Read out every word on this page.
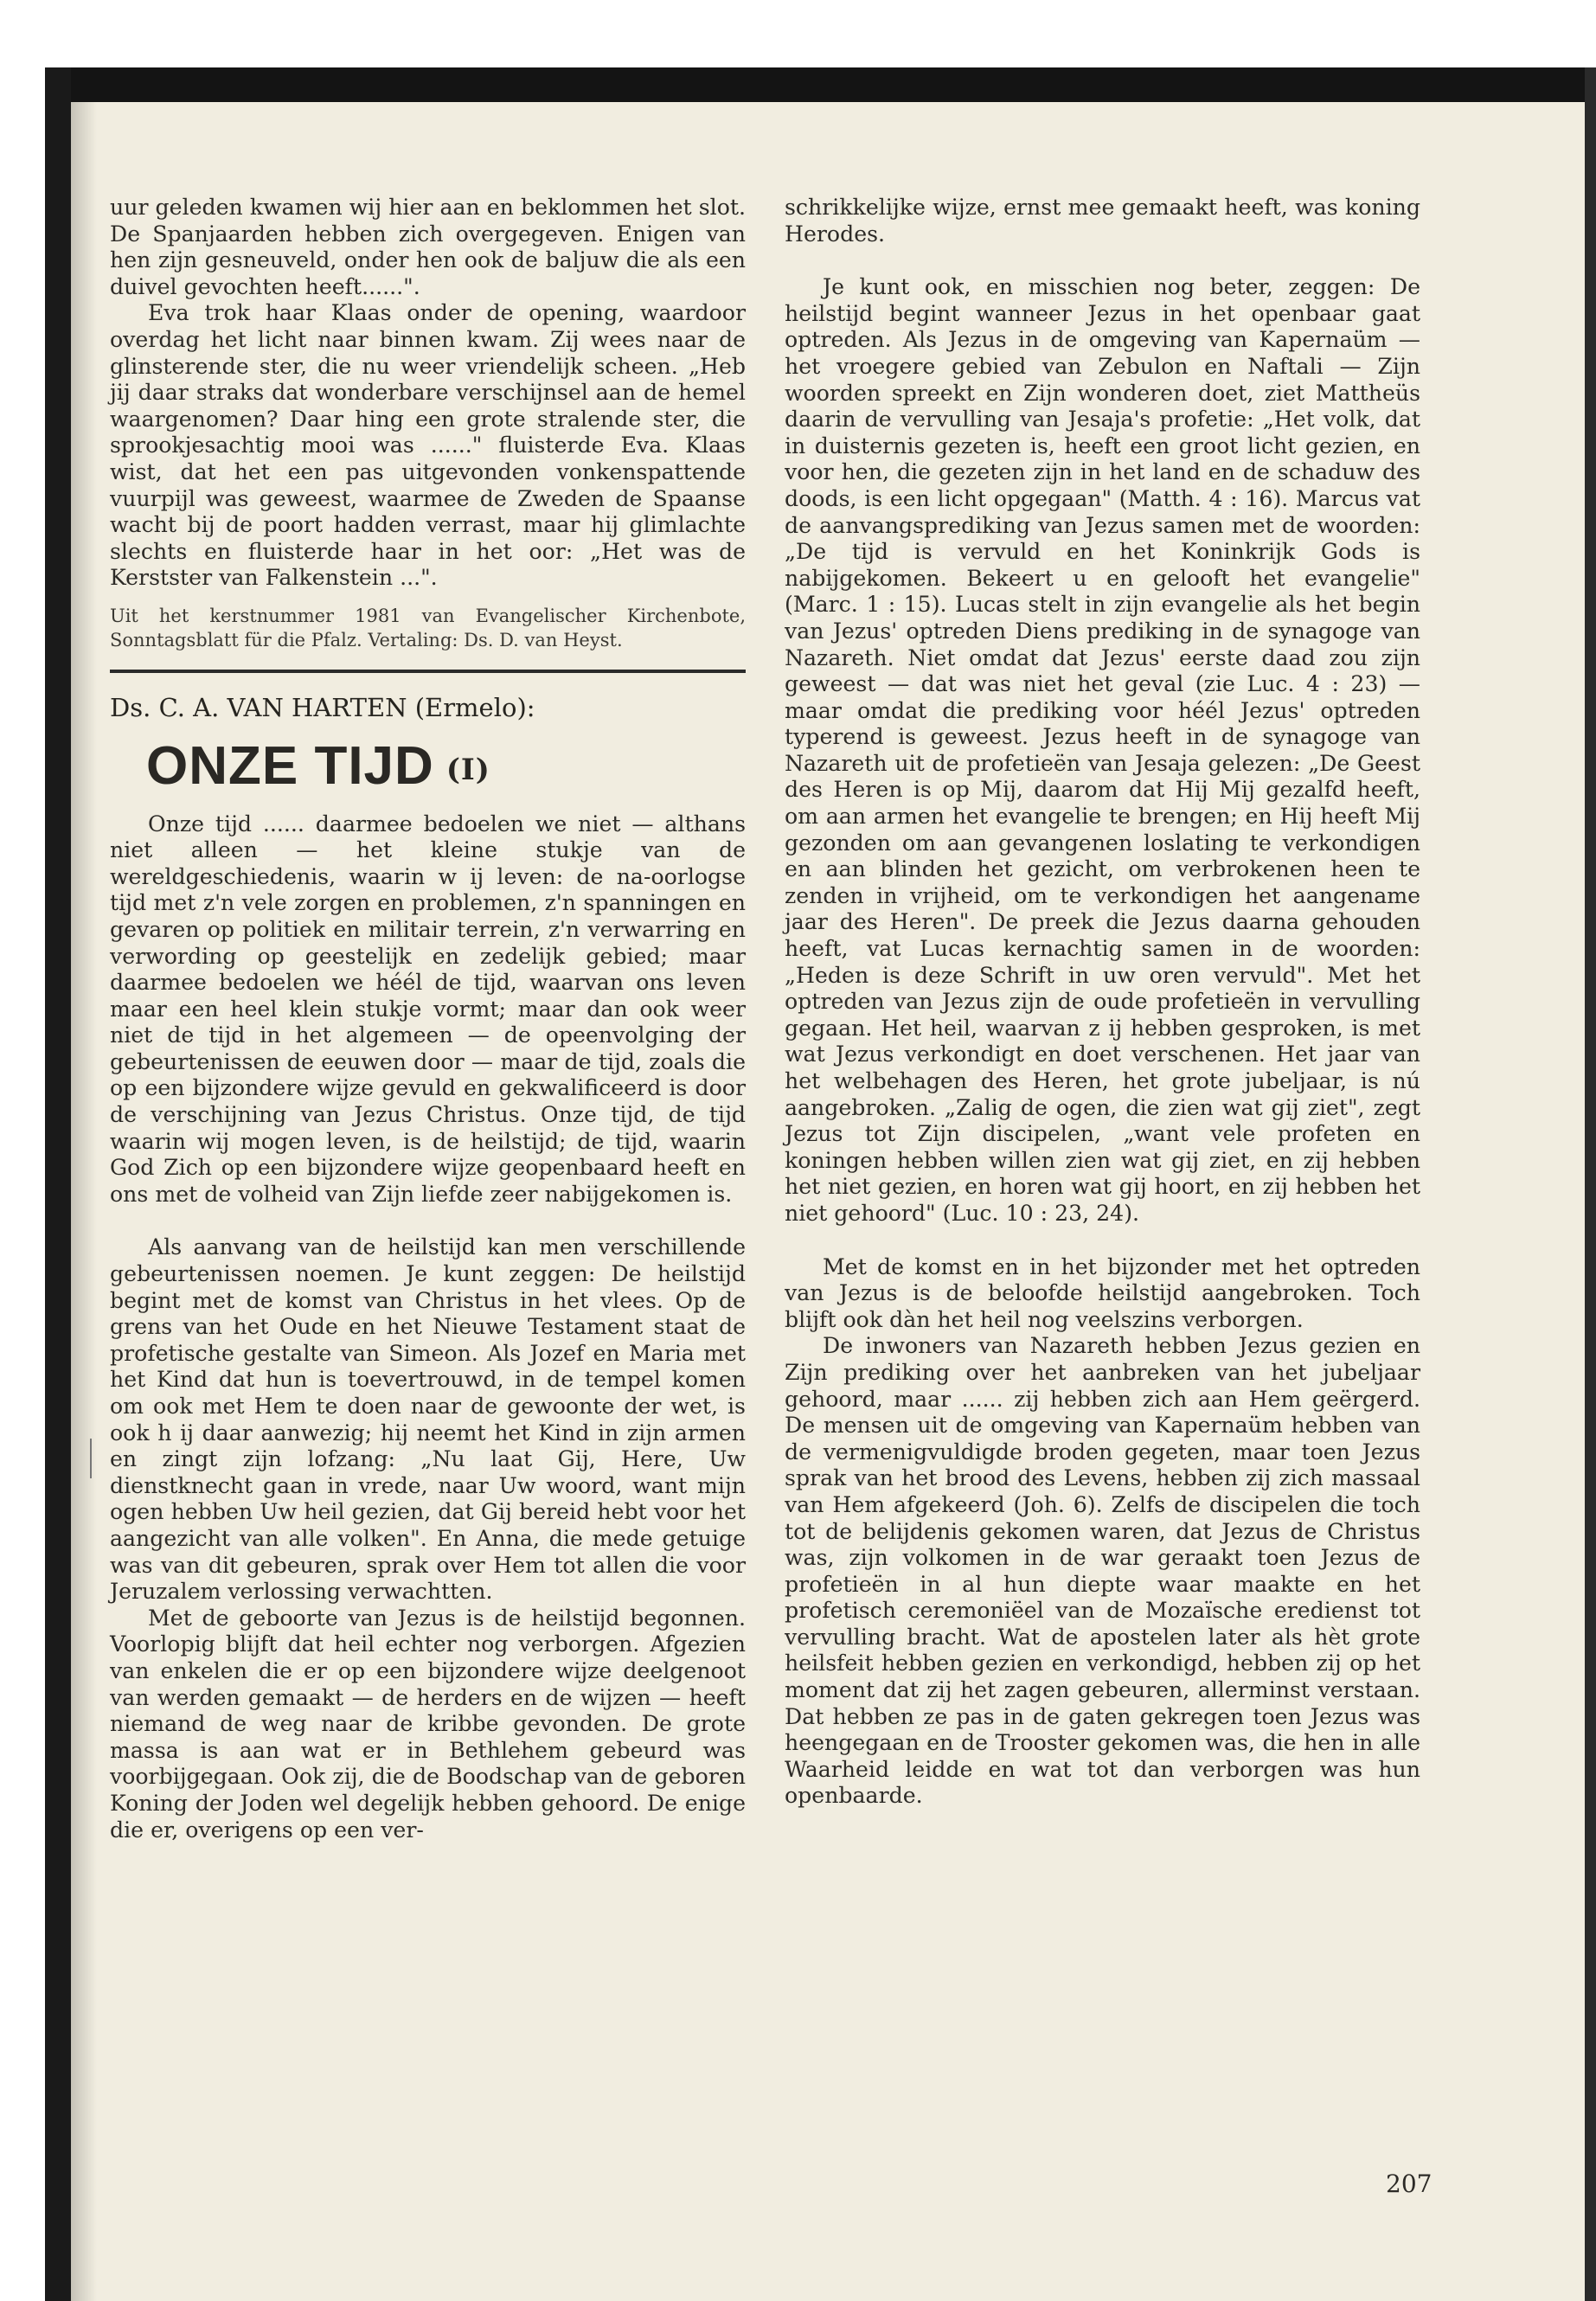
uur geleden kwamen wij hier aan en beklommen het slot. De Spanjaarden hebben zich overgegeven. Enigen van hen zijn gesneuveld, onder hen ook de baljuw die als een duivel gevochten heeft......".

Eva trok haar Klaas onder de opening, waardoor overdag het licht naar binnen kwam. Zij wees naar de glinsterende ster, die nu weer vriendelijk scheen. „Heb jij daar straks dat wonderbare verschijnsel aan de hemel waargenomen? Daar hing een grote stralende ster, die sprookjesachtig mooi was ......" fluisterde Eva. Klaas wist, dat het een pas uitgevonden vonkenspattende vuurpijl was geweest, waarmee de Zweden de Spaanse wacht bij de poort hadden verrast, maar hij glimlachte slechts en fluisterde haar in het oor: „Het was de Kerstster van Falkenstein ...".

Uit het kerstnummer 1981 van Evangelischer Kirchenbote, Sonntagsblatt für die Pfalz. Vertaling: Ds. D. van Heyst.

Ds. C. A. VAN HARTEN (Ermelo):

ONZE TIJD (I)

Onze tijd ...... daarmee bedoelen we niet — althans niet alleen — het kleine stukje van de wereldgeschiedenis, waarin w ij leven: de na-oorlogse tijd met z'n vele zorgen en problemen, z'n spanningen en gevaren op politiek en militair terrein, z'n verwarring en verwording op geestelijk en zedelijk gebied; maar daarmee bedoelen we héél de tijd, waarvan ons leven maar een heel klein stukje vormt; maar dan ook weer niet de tijd in het algemeen — de opeenvolging der gebeurtenissen de eeuwen door — maar de tijd, zoals die op een bijzondere wijze gevuld en gekwalificeerd is door de verschijning van Jezus Christus. Onze tijd, de tijd waarin wij mogen leven, is de heilstijd; de tijd, waarin God Zich op een bijzondere wijze geopenbaard heeft en ons met de volheid van Zijn liefde zeer nabijgekomen is.

Als aanvang van de heilstijd kan men verschillende gebeurtenissen noemen. Je kunt zeggen: De heilstijd begint met de komst van Christus in het vlees. Op de grens van het Oude en het Nieuwe Testament staat de profetische gestalte van Simeon. Als Jozef en Maria met het Kind dat hun is toevertrouwd, in de tempel komen om ook met Hem te doen naar de gewoonte der wet, is ook h ij daar aanwezig; hij neemt het Kind in zijn armen en zingt zijn lofzang: „Nu laat Gij, Here, Uw dienstknecht gaan in vrede, naar Uw woord, want mijn ogen hebben Uw heil gezien, dat Gij bereid hebt voor het aangezicht van alle volken". En Anna, die mede getuige was van dit gebeuren, sprak over Hem tot allen die voor Jeruzalem verlossing verwachtten.

Met de geboorte van Jezus is de heilstijd begonnen. Voorlopig blijft dat heil echter nog verborgen. Afgezien van enkelen die er op een bijzondere wijze deelgenoot van werden gemaakt — de herders en de wijzen — heeft niemand de weg naar de kribbe gevonden. De grote massa is aan wat er in Bethlehem gebeurd was voorbijgegaan. Ook zij, die de Boodschap van de geboren Koning der Joden wel degelijk hebben gehoord. De enige die er, overigens op een ver-

schrikkelijke wijze, ernst mee gemaakt heeft, was koning Herodes.

Je kunt ook, en misschien nog beter, zeggen: De heilstijd begint wanneer Jezus in het openbaar gaat optreden. Als Jezus in de omgeving van Kapernaüm — het vroegere gebied van Zebulon en Naftali — Zijn woorden spreekt en Zijn wonderen doet, ziet Mattheüs daarin de vervulling van Jesaja's profetie: „Het volk, dat in duisternis gezeten is, heeft een groot licht gezien, en voor hen, die gezeten zijn in het land en de schaduw des doods, is een licht opgegaan" (Matth. 4 : 16). Marcus vat de aanvangsprediking van Jezus samen met de woorden: „De tijd is vervuld en het Koninkrijk Gods is nabijgekomen. Bekeert u en gelooft het evangelie" (Marc. 1 : 15). Lucas stelt in zijn evangelie als het begin van Jezus' optreden Diens prediking in de synagoge van Nazareth. Niet omdat dat Jezus' eerste daad zou zijn geweest — dat was niet het geval (zie Luc. 4 : 23) — maar omdat die prediking voor héél Jezus' optreden typerend is geweest. Jezus heeft in de synagoge van Nazareth uit de profetieën van Jesaja gelezen: „De Geest des Heren is op Mij, daarom dat Hij Mij gezalfd heeft, om aan armen het evangelie te brengen; en Hij heeft Mij gezonden om aan gevangenen loslating te verkondigen en aan blinden het gezicht, om verbrokenen heen te zenden in vrijheid, om te verkondigen het aangename jaar des Heren". De preek die Jezus daarna gehouden heeft, vat Lucas kernachtig samen in de woorden: „Heden is deze Schrift in uw oren vervuld". Met het optreden van Jezus zijn de oude profetieën in vervulling gegaan. Het heil, waarvan z ij hebben gesproken, is met wat Jezus verkondigt en doet verschenen. Het jaar van het welbehagen des Heren, het grote jubeljaar, is nú aangebroken. „Zalig de ogen, die zien wat gij ziet", zegt Jezus tot Zijn discipelen, „want vele profeten en koningen hebben willen zien wat gij ziet, en zij hebben het niet gezien, en horen wat gij hoort, en zij hebben het niet gehoord" (Luc. 10 : 23, 24).

Met de komst en in het bijzonder met het optreden van Jezus is de beloofde heilstijd aangebroken. Toch blijft ook dàn het heil nog veelszins verborgen.

De inwoners van Nazareth hebben Jezus gezien en Zijn prediking over het aanbreken van het jubeljaar gehoord, maar ...... zij hebben zich aan Hem geërgerd. De mensen uit de omgeving van Kapernaüm hebben van de vermenigvuldigde broden gegeten, maar toen Jezus sprak van het brood des Levens, hebben zij zich massaal van Hem afgekeerd (Joh. 6). Zelfs de discipelen die toch tot de belijdenis gekomen waren, dat Jezus de Christus was, zijn volkomen in de war geraakt toen Jezus de profetieën in al hun diepte waar maakte en het profetisch ceremoniëel van de Mozaïsche eredienst tot vervulling bracht. Wat de apostelen later als hèt grote heilsfeit hebben gezien en verkondigd, hebben zij op het moment dat zij het zagen gebeuren, allerminst verstaan. Dat hebben ze pas in de gaten gekregen toen Jezus was heengegaan en de Trooster gekomen was, die hen in alle Waarheid leidde en wat tot dan verborgen was hun openbaarde.

207
